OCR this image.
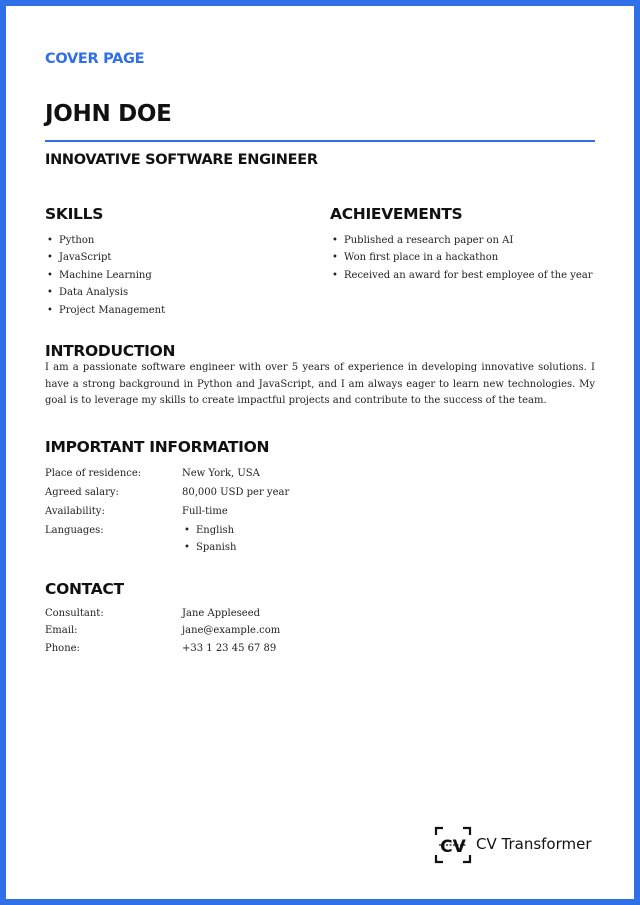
COVER PAGE
JOHN DOE
INNOVATIVE SOFTWARE ENGINEER
SKILLS
• Python
• JavaScript
• Machine Learning
• Data Analysis
• Project Management
ACHIEVEMENTS
• Published a research paper on AI
• Won first place in a hackathon
• Received an award for best employee of the year
INTRODUCTION
I am a passionate software engineer with over 5 years of experience in developing innovative solutions. I have a strong background in Python and JavaScript, and I am always eager to learn new technologies. My goal is to leverage my skills to create impactful projects and contribute to the success of the team.
IMPORTANT INFORMATION
Place of residence:	New York, USA
Agreed salary:	80,000 USD per year
Availability:	Full-time
Languages:
•	English
• Spanish
CONTACT
Consultant:	Jane Appleseed
Email:	jane@example.com
Phone:	+33 1 23 45 67 89
CV CV Transformer
